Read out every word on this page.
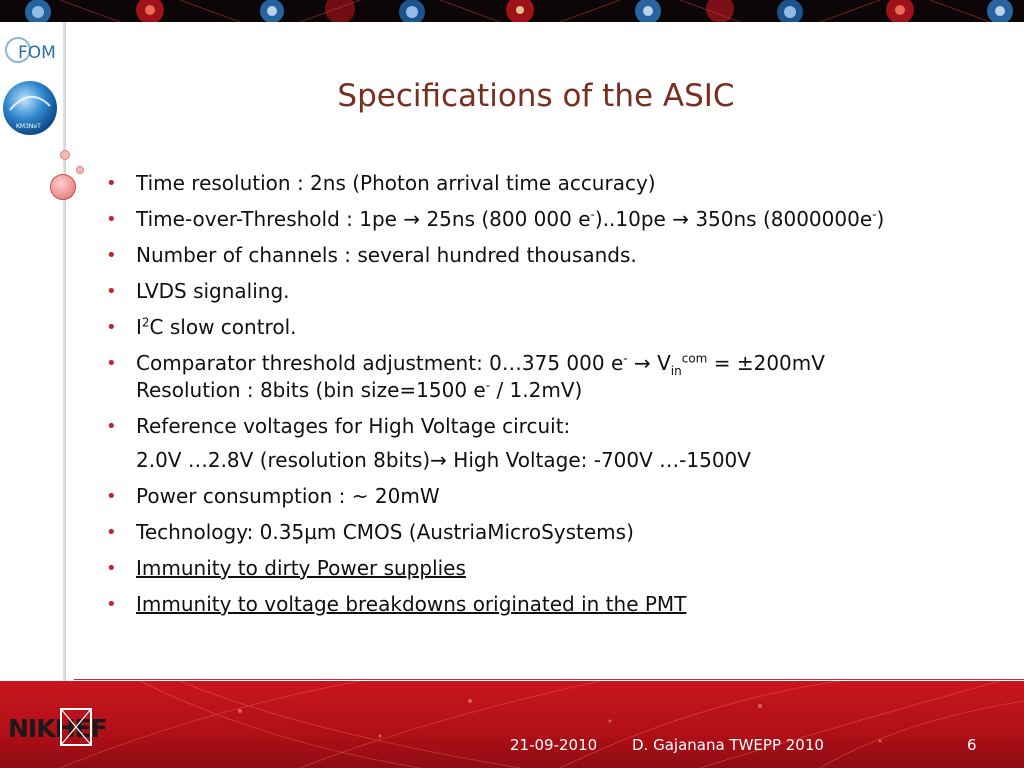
FOM
KM3NeT
Specifications of the ASIC
• Time resolution : 2ns (Photon arrival time accuracy)
• Time-over-Threshold : 1pe → 25ns (800 000 e-)..10pe → 350ns (8000000e-)
• Number of channels : several hundred thousands.
• LVDS signaling.
• $I^2C$ slow control.
• Comparator threshold adjustment: 0…375 000 $e^- \to V_{in}^{com} = \pm 200mV$
Resolution : 8bits (bin size=1500 e- / 1.2mV)
• Reference voltages for High Voltage circuit:
2.0V …2.8V (resolution 8bits)→ High Voltage: -700V …-1500V
• Power consumption : ~ 20mW
• Technology: 0.35µm CMOS (AustriaMicroSystems)
• Immunity to dirty Power supplies
• Immunity to voltage breakdowns originated in the PMT
NIKHEF
21-09-2010 D. Gajanana TWEPP 2010	6
